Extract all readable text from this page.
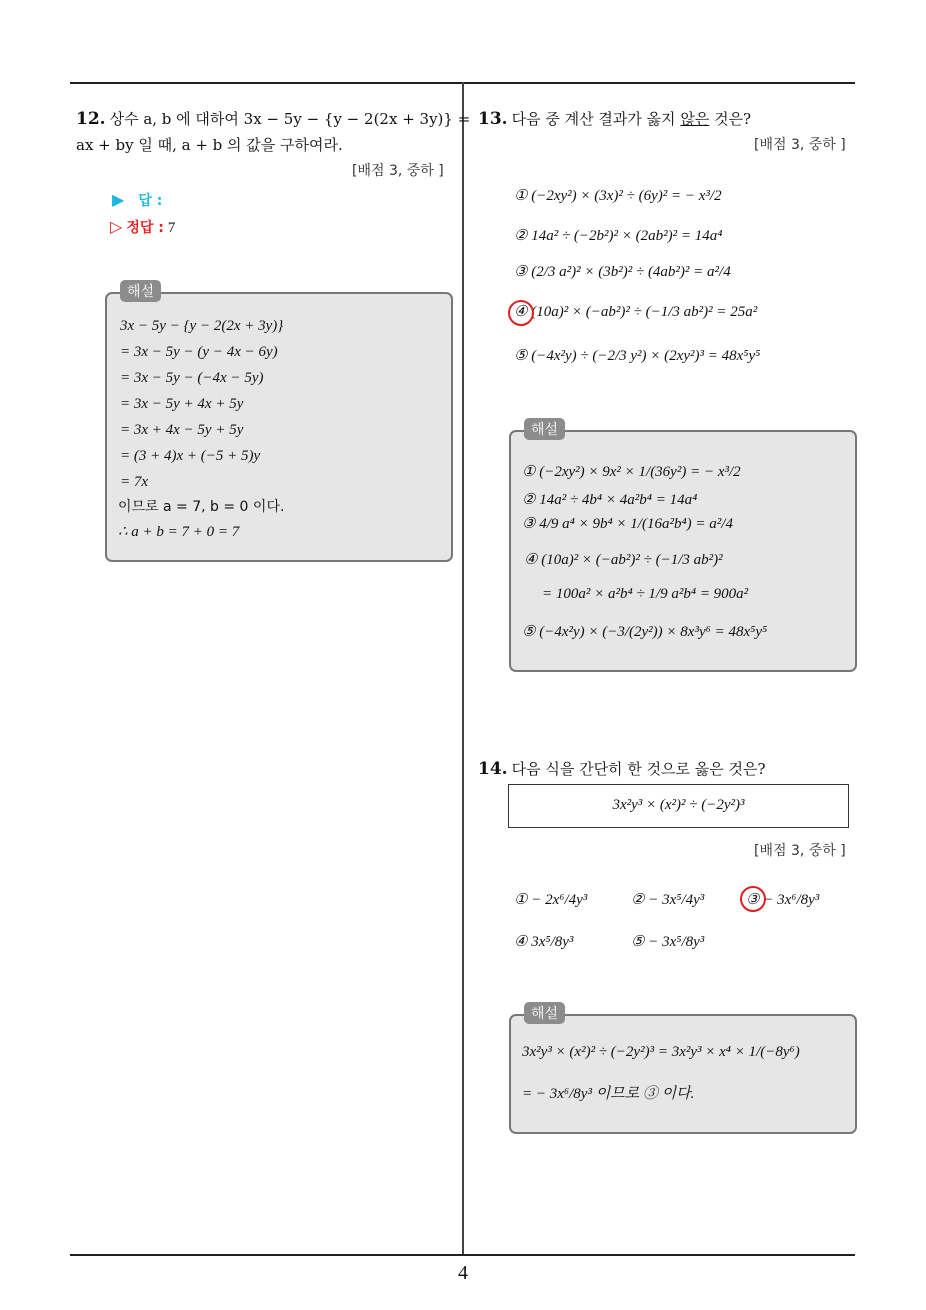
12. 상수 a, b 에 대하여 3x − 5y − {y − 2(2x + 3y)} =
ax + by 일 때, a + b 의 값을 구하여라.
[배점 3, 중하 ]
▶ 답 :
▷ 정답 : 7
해설
3x − 5y − {y − 2(2x + 3y)}
= 3x − 5y − (y − 4x − 6y)
= 3x − 5y − (−4x − 5y)
= 3x − 5y + 4x + 5y
= 3x + 4x − 5y + 5y
= (3 + 4)x + (−5 + 5)y
= 7x
이므로 a = 7, b = 0 이다.
∴ a + b = 7 + 0 = 7
13. 다음 중 계산 결과가 옳지 않은 것은?
[배점 3, 중하 ]
① (−2xy²) × (3x)² ÷ (6y)² = − x³/2
② 14a² ÷ (−2b²)² × (2ab²)² = 14a⁴
③ (2/3 a²)² × (3b²)² ÷ (4ab²)² = a²/4
④ (10a)² × (−ab²)² ÷ (−1/3 ab²)² = 25a²
⑤ (−4x²y) ÷ (−2/3 y²) × (2xy²)³ = 48x⁵y⁵
해설
① (−2xy²) × 9x² × 1/(36y²) = − x³/2
② 14a² ÷ 4b⁴ × 4a²b⁴ = 14a⁴
③ 4/9 a⁴ × 9b⁴ × 1/(16a²b⁴) = a²/4
④ (10a)² × (−ab²)² ÷ (−1/3 ab²)²
= 100a² × a²b⁴ ÷ 1/9 a²b⁴ = 900a²
⑤ (−4x²y) × (−3/(2y²)) × 8x³y⁶ = 48x⁵y⁵
14. 다음 식을 간단히 한 것으로 옳은 것은?
3x²y³ × (x²)² ÷ (−2y²)³
[배점 3, 중하 ]
① − 2x⁶/4y³	② − 3x⁵/4y³	③ − 3x⁶/8y³
④ 3x⁵/8y³	⑤ − 3x⁵/8y³
해설
3x²y³ × (x²)² ÷ (−2y²)³ = 3x²y³ × x⁴ × 1/(−8y⁶)
= − 3x⁶/8y³ 이므로 ③ 이다.
4
